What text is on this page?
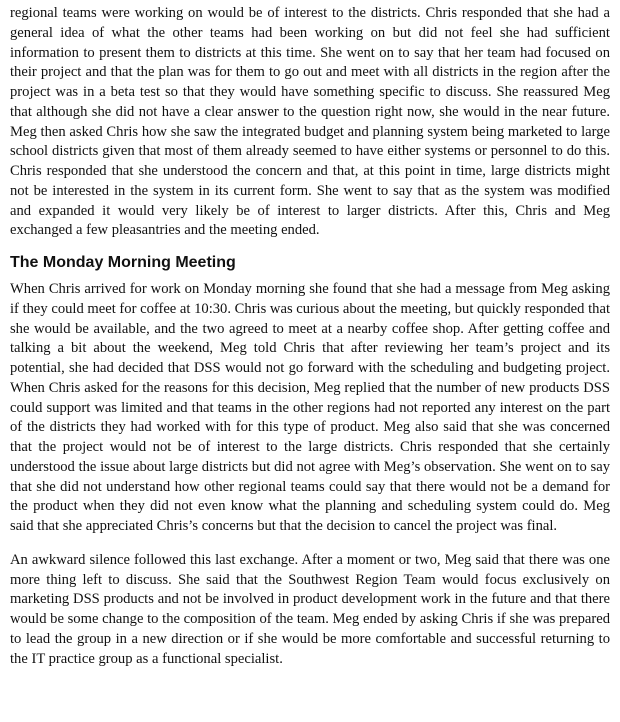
regional teams were working on would be of interest to the districts. Chris responded that she had a general idea of what the other teams had been working on but did not feel she had sufficient information to present them to districts at this time. She went on to say that her team had focused on their project and that the plan was for them to go out and meet with all districts in the region after the project was in a beta test so that they would have something specific to discuss. She reassured Meg that although she did not have a clear answer to the question right now, she would in the near future. Meg then asked Chris how she saw the integrated budget and planning system being marketed to large school districts given that most of them already seemed to have either systems or personnel to do this. Chris responded that she understood the concern and that, at this point in time, large districts might not be interested in the system in its current form. She went to say that as the system was modified and expanded it would very likely be of interest to larger districts. After this, Chris and Meg exchanged a few pleasantries and the meeting ended.

The Monday Morning Meeting

When Chris arrived for work on Monday morning she found that she had a message from Meg asking if they could meet for coffee at 10:30. Chris was curious about the meeting, but quickly responded that she would be available, and the two agreed to meet at a nearby coffee shop. After getting coffee and talking a bit about the weekend, Meg told Chris that after reviewing her team’s project and its potential, she had decided that DSS would not go forward with the scheduling and budgeting project. When Chris asked for the reasons for this decision, Meg replied that the number of new products DSS could support was limited and that teams in the other regions had not reported any interest on the part of the districts they had worked with for this type of product. Meg also said that she was concerned that the project would not be of interest to the large districts. Chris responded that she certainly understood the issue about large districts but did not agree with Meg’s observation. She went on to say that she did not understand how other regional teams could say that there would not be a demand for the product when they did not even know what the planning and scheduling system could do. Meg said that she appreciated Chris’s concerns but that the decision to cancel the project was final.

An awkward silence followed this last exchange. After a moment or two, Meg said that there was one more thing left to discuss. She said that the Southwest Region Team would focus exclusively on marketing DSS products and not be involved in product development work in the future and that there would be some change to the composition of the team. Meg ended by asking Chris if she was prepared to lead the group in a new direction or if she would be more comfortable and successful returning to the IT practice group as a functional specialist.
